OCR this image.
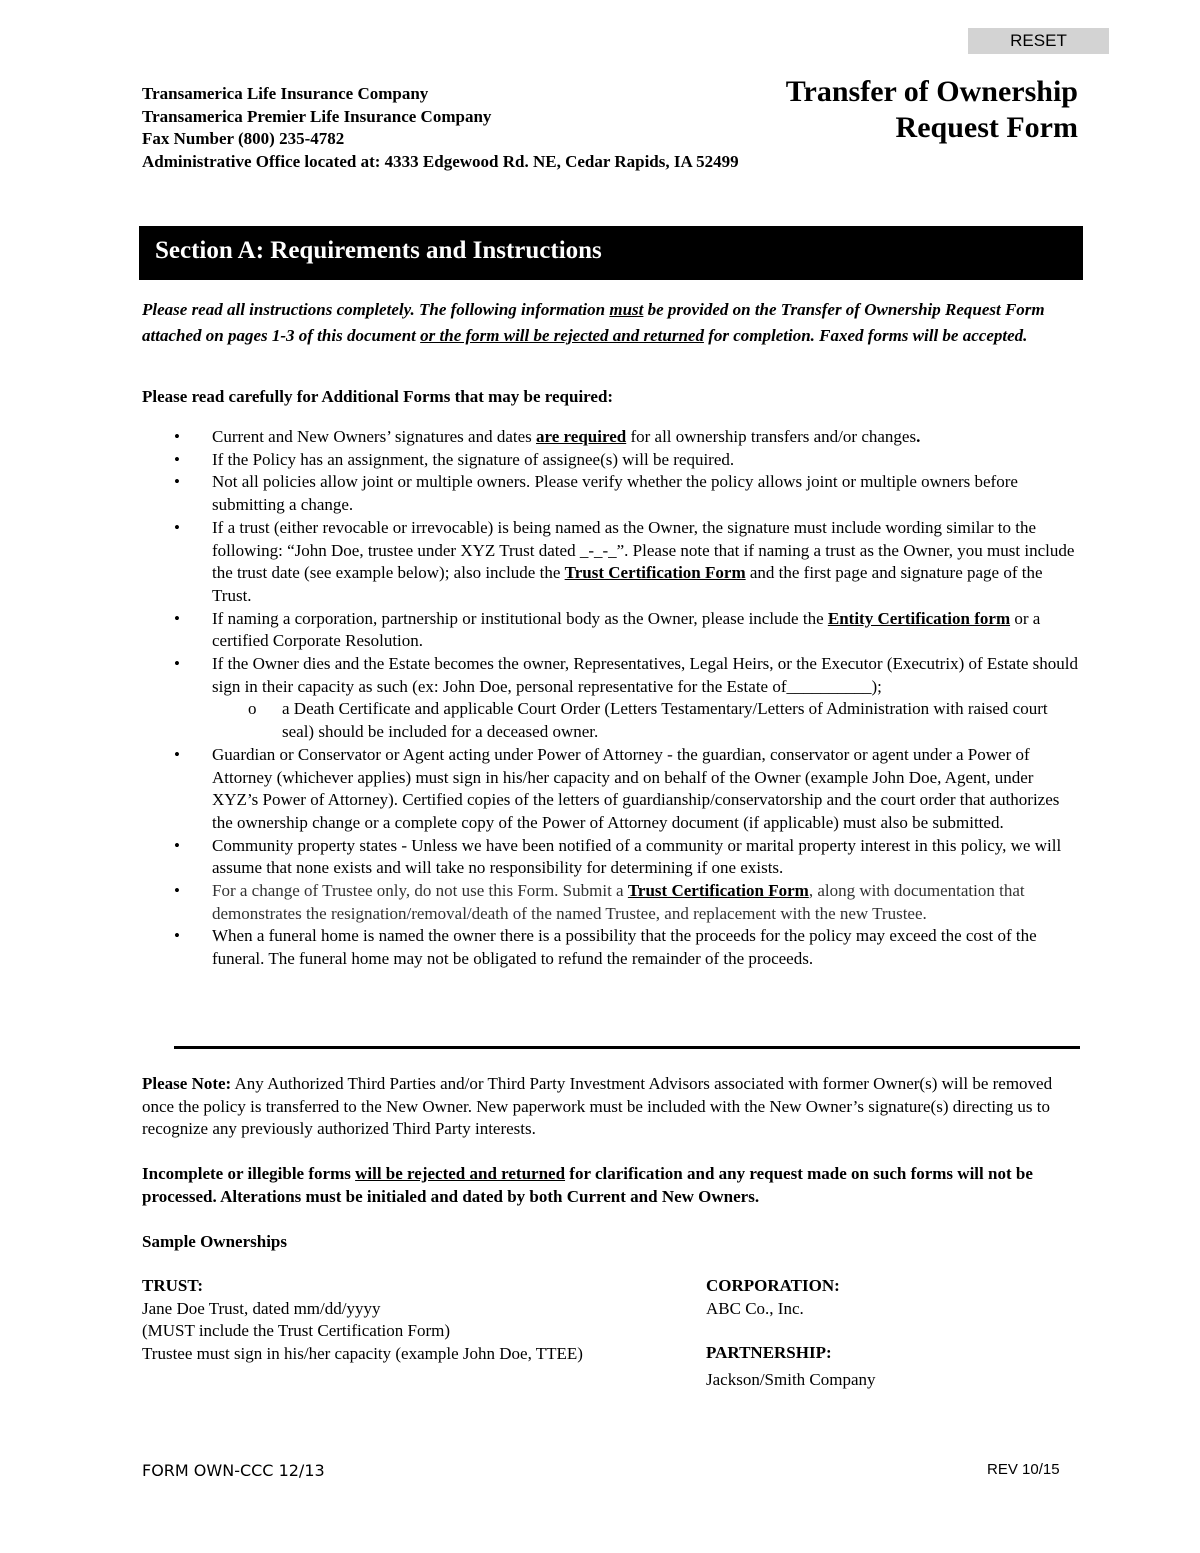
RESET
Transamerica Life Insurance Company
Transamerica Premier Life Insurance Company
Fax Number (800) 235-4782
Administrative Office located at: 4333 Edgewood Rd. NE, Cedar Rapids, IA 52499
Transfer of Ownership
Request Form
Section A: Requirements and Instructions
Please read all instructions completely. The following information must be provided on the Transfer of Ownership Request Form attached on pages 1-3 of this document or the form will be rejected and returned for completion. Faxed forms will be accepted.
Please read carefully for Additional Forms that may be required:
• Current and New Owners’ signatures and dates are required for all ownership transfers and/or changes.
• If the Policy has an assignment, the signature of assignee(s) will be required.
• Not all policies allow joint or multiple owners. Please verify whether the policy allows joint or multiple owners before submitting a change.
• If a trust (either revocable or irrevocable) is being named as the Owner, the signature must include wording similar to the following: “John Doe, trustee under XYZ Trust dated _-_-_”. Please note that if naming a trust as the Owner, you must include the trust date (see example below); also include the Trust Certification Form and the first page and signature page of the Trust.
• If naming a corporation, partnership or institutional body as the Owner, please include the Entity Certification form or a certified Corporate Resolution.
• If the Owner dies and the Estate becomes the owner, Representatives, Legal Heirs, or the Executor (Executrix) of Estate should sign in their capacity as such (ex: John Doe, personal representative for the Estate of__________);
o a Death Certificate and applicable Court Order (Letters Testamentary/Letters of Administration with raised court seal) should be included for a deceased owner.
• Guardian or Conservator or Agent acting under Power of Attorney - the guardian, conservator or agent under a Power of Attorney (whichever applies) must sign in his/her capacity and on behalf of the Owner (example John Doe, Agent, under XYZ’s Power of Attorney). Certified copies of the letters of guardianship/conservatorship and the court order that authorizes the ownership change or a complete copy of the Power of Attorney document (if applicable) must also be submitted.
• Community property states - Unless we have been notified of a community or marital property interest in this policy, we will assume that none exists and will take no responsibility for determining if one exists.
• For a change of Trustee only, do not use this Form. Submit a Trust Certification Form, along with documentation that demonstrates the resignation/removal/death of the named Trustee, and replacement with the new Trustee.
• When a funeral home is named the owner there is a possibility that the proceeds for the policy may exceed the cost of the funeral. The funeral home may not be obligated to refund the remainder of the proceeds.
Please Note: Any Authorized Third Parties and/or Third Party Investment Advisors associated with former Owner(s) will be removed once the policy is transferred to the New Owner. New paperwork must be included with the New Owner’s signature(s) directing us to recognize any previously authorized Third Party interests.
Incomplete or illegible forms will be rejected and returned for clarification and any request made on such forms will not be processed. Alterations must be initialed and dated by both Current and New Owners.
Sample Ownerships
TRUST:
Jane Doe Trust, dated mm/dd/yyyy
(MUST include the Trust Certification Form)
Trustee must sign in his/her capacity (example John Doe, TTEE)
CORPORATION:
ABC Co., Inc.
PARTNERSHIP:
Jackson/Smith Company
FORM OWN-CCC 12/13	REV 10/15
